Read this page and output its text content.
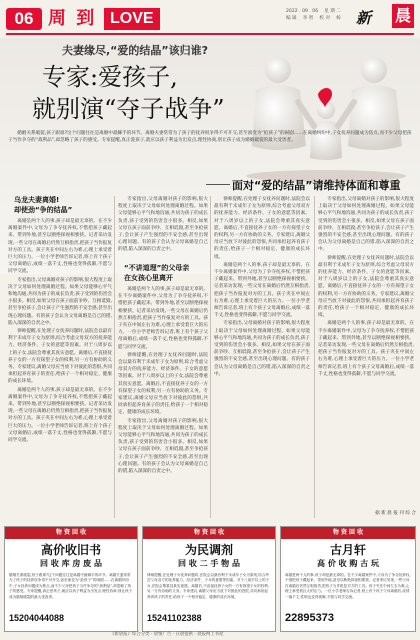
06 周 到 LOVE	2022 . 09 . 06 　星 期 二
编 辑 　李 智 　校 对 　杨 新 晨
夫妻缘尽,“爱的结晶”该归谁?
专家:爱孩子,
就别演“夺子战争”
婚姻关系破裂,孩子跟谁?这个问题往往是离婚中最棘手的环节。离婚夫妻常常为了孩子的抚养权争得不可开交,甚至演变为“抢孩子”的闹剧……在离婚纠纷中,子女抚养问题成为焦点,而不少父母把孩子当作争夺的“战利品”,却忽略了孩子的感受。专家提醒,真正爱孩子,就应以孩子利益为出发点,理性协商,别让孩子成为婚姻破裂的最大受害者。
面对“爱的结晶”请维持体面和尊重
乌龙夫妻离婚!
却使劲“争的结晶”

离婚是两个人的事,孩子却是最无辜的。在不少离婚案件中,父母为了争夺抚养权,不惜把孩子藏起来、带到外地,甚至以断绝探视相要挟。记者采访发现,一些父母在离婚后仍然互相指责,把孩子当作报复对方的工具。孩子夹在中间左右为难,心理上承受着巨大的压力。一位小学老师告诉记者,班上有个孩子父母离婚后,成绩一落千丈,性格也变得孤僻,不愿与同学交流。

专家指出,父母离婚对孩子的影响,很大程度上取决于父母如何处理离婚过程。如果父母能够心平气和地沟通,共同为孩子的成长负责,孩子受到的伤害会小很多。相反,如果父母在孩子面前争吵、互相诋毁,甚至争抢孩子,会让孩子产生强烈的不安全感,甚至出现心理问题。有的孩子会认为父母离婚是自己的错,陷入深深的自责之中。

律师提醒,在处理子女抚养问题时,法院会以最有利于未成年子女为原则,综合考虑父母双方的抚养能力、经济条件、子女的意愿等因素。对于八周岁以上的子女,法院会尊重其真实意愿。离婚后,不直接抚养子女的一方有探望子女的权利,另一方有协助的义务。专家建议,离婚父母应当放下对彼此的怨恨,共同承担起养育孩子的责任,给孩子一个相对稳定、健康的成长环境。

离婚是两个人的事,孩子却是最无辜的。在不少离婚案件中,父母为了争夺抚养权,不惜把孩子藏起来、带到外地,甚至以断绝探视相要挟。记者采访发现,一些父母在离婚后仍然互相指责,把孩子当作报复对方的工具。孩子夹在中间左右为难,心理上承受着巨大的压力。一位小学老师告诉记者,班上有个孩子父母离婚后,成绩一落千丈,性格也变得孤僻,不愿与同学交流。

专家指出,父母离婚对孩子的影响,很大程度上取决于父母如何处理离婚过程。如果父母能够心平气和地沟通,共同为孩子的成长负责,孩子受到的伤害会小很多。相反,如果父母在孩子面前争吵、互相诋毁,甚至争抢孩子,会让孩子产生强烈的不安全感,甚至出现心理问题。有的孩子会认为父母离婚是自己的错,陷入深深的自责之中。

“不讲道理”的父母亲
在女孩心里离开

离婚是两个人的事,孩子却是最无辜的。在不少离婚案件中,父母为了争夺抚养权,不惜把孩子藏起来、带到外地,甚至以断绝探视相要挟。记者采访发现,一些父母在离婚后仍然互相指责,把孩子当作报复对方的工具。孩子夹在中间左右为难,心理上承受着巨大的压力。一位小学老师告诉记者,班上有个孩子父母离婚后,成绩一落千丈,性格也变得孤僻,不愿与同学交流。

律师提醒,在处理子女抚养问题时,法院会以最有利于未成年子女为原则,综合考虑父母双方的抚养能力、经济条件、子女的意愿等因素。对于八周岁以上的子女,法院会尊重其真实意愿。离婚后,不直接抚养子女的一方有探望子女的权利,另一方有协助的义务。专家建议,离婚父母应当放下对彼此的怨恨,共同承担起养育孩子的责任,给孩子一个相对稳定、健康的成长环境。

专家指出,父母离婚对孩子的影响,很大程度上取决于父母如何处理离婚过程。如果父母能够心平气和地沟通,共同为孩子的成长负责,孩子受到的伤害会小很多。相反,如果父母在孩子面前争吵、互相诋毁,甚至争抢孩子,会让孩子产生强烈的不安全感,甚至出现心理问题。有的孩子会认为父母离婚是自己的错,陷入深深的自责之中。

律师提醒,在处理子女抚养问题时,法院会以最有利于未成年子女为原则,综合考虑父母双方的抚养能力、经济条件、子女的意愿等因素。对于八周岁以上的子女,法院会尊重其真实意愿。离婚后,不直接抚养子女的一方有探望子女的权利,另一方有协助的义务。专家建议,离婚父母应当放下对彼此的怨恨,共同承担起养育孩子的责任,给孩子一个相对稳定、健康的成长环境。

离婚是两个人的事,孩子却是最无辜的。在不少离婚案件中,父母为了争夺抚养权,不惜把孩子藏起来、带到外地,甚至以断绝探视相要挟。记者采访发现,一些父母在离婚后仍然互相指责,把孩子当作报复对方的工具。孩子夹在中间左右为难,心理上承受着巨大的压力。一位小学老师告诉记者,班上有个孩子父母离婚后,成绩一落千丈,性格也变得孤僻,不愿与同学交流。

专家指出,父母离婚对孩子的影响,很大程度上取决于父母如何处理离婚过程。如果父母能够心平气和地沟通,共同为孩子的成长负责,孩子受到的伤害会小很多。相反,如果父母在孩子面前争吵、互相诋毁,甚至争抢孩子,会让孩子产生强烈的不安全感,甚至出现心理问题。有的孩子会认为父母离婚是自己的错,陷入深深的自责之中。

专家指出,父母离婚对孩子的影响,很大程度上取决于父母如何处理离婚过程。如果父母能够心平气和地沟通,共同为孩子的成长负责,孩子受到的伤害会小很多。相反,如果父母在孩子面前争吵、互相诋毁,甚至争抢孩子,会让孩子产生强烈的不安全感,甚至出现心理问题。有的孩子会认为父母离婚是自己的错,陷入深深的自责之中。

律师提醒,在处理子女抚养问题时,法院会以最有利于未成年子女为原则,综合考虑父母双方的抚养能力、经济条件、子女的意愿等因素。对于八周岁以上的子女,法院会尊重其真实意愿。离婚后,不直接抚养子女的一方有探望子女的权利,另一方有协助的义务。专家建议,离婚父母应当放下对彼此的怨恨,共同承担起养育孩子的责任,给孩子一个相对稳定、健康的成长环境。

离婚是两个人的事,孩子却是最无辜的。在不少离婚案件中,父母为了争夺抚养权,不惜把孩子藏起来、带到外地,甚至以断绝探视相要挟。记者采访发现,一些父母在离婚后仍然互相指责,把孩子当作报复对方的工具。孩子夹在中间左右为难,心理上承受着巨大的压力。一位小学老师告诉记者,班上有个孩子父母离婚后,成绩一落千丈,性格也变得孤僻,不愿与同学交流。

据 新 晨 报 刊 综 合
物 资 回 收
高价收旧书
回 收 库 房 废 品
婚姻关系破裂,孩子跟谁?这个问题往往是离婚中最棘手的环节。离婚夫妻常常为了孩子的抚养权争得不可开交,甚至演变为“抢孩子”的闹剧……在离婚纠纷中,子女抚养问题成为焦点,而不少父母把孩子当作争夺的“战利品”,却忽略了孩子的感受。专家提醒,真正爱孩子,就应以孩子利益为出发点,理性协商,别让孩子成为婚姻破裂的最大受害者。
15204044088
物 资 回 收
为民调剂
回 收 二 手 物 品
律师提醒,在处理子女抚养问题时,法院会以最有利于未成年子女为原则,综合考虑父母双方的抚养能力、经济条件、子女的意愿等因素。对于八周岁以上的子女,法院会尊重其真实意愿。离婚后,不直接抚养子女的一方有探望子女的权利,另一方有协助的义务。专家建议,离婚父母应当放下对彼此的怨恨,共同承担起养育孩子的责任,给孩子一个相对稳定、健康的成长环境。
15241102388
物 资 回 收
古月轩
高 价 收 购 古 玩
离婚是两个人的事,孩子却是最无辜的。在不少离婚案件中,父母为了争夺抚养权,不惜把孩子藏起来、带到外地,甚至以断绝探视相要挟。记者采访发现,一些父母在离婚后仍然互相指责,把孩子当作报复对方的工具。孩子夹在中间左右为难,心理上承受着巨大的压力。一位小学老师告诉记者,班上有个孩子父母离婚后,成绩一落千丈,性格也变得孤僻,不愿与同学交流。
22895373
《新晨报》综合分类 · 晨情广告 · 在晨提供 · 晨报网上书屋
